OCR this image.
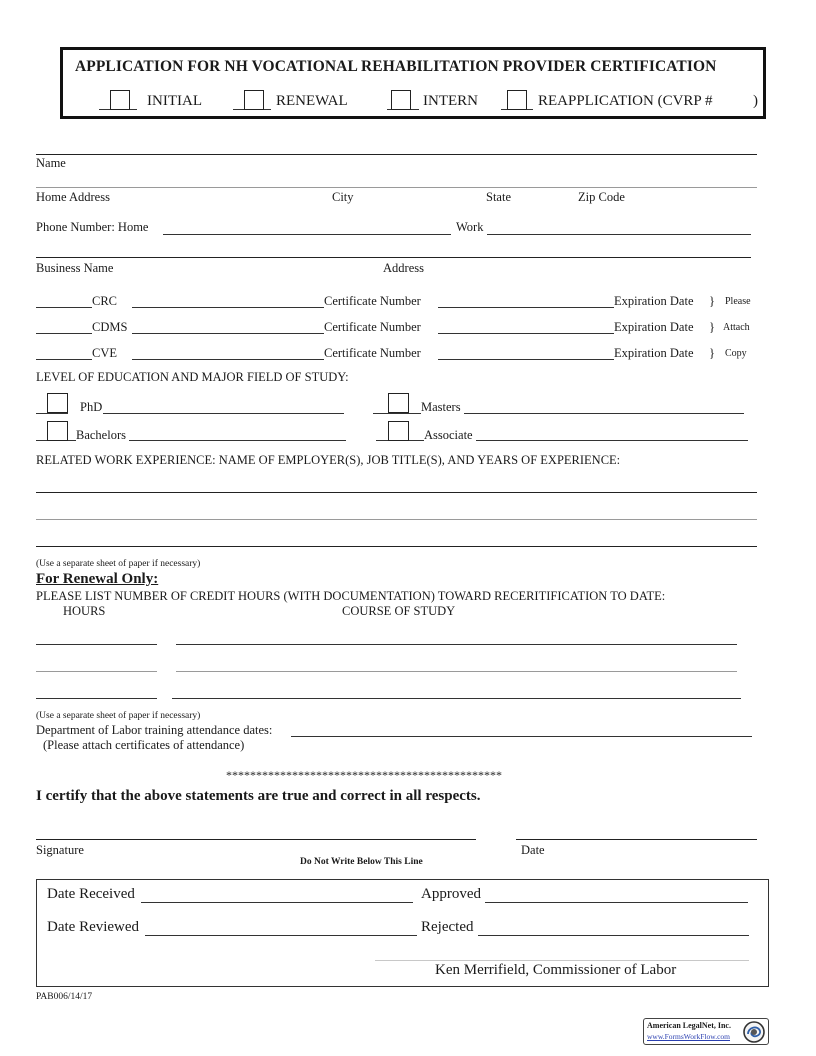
APPLICATION FOR NH VOCATIONAL REHABILITATION PROVIDER CERTIFICATION
INITIAL	RENEWAL	INTERN	REAPPLICATION (CVRP #	)
Name
Home Address	City	State	Zip Code
Phone Number: Home	Work
Business Name	Address
CRC	Certificate Number	Expiration Date } Please
CDMS	Certificate Number	Expiration Date } Attach
CVE	Certificate Number	Expiration Date } Copy
LEVEL OF EDUCATION AND MAJOR FIELD OF STUDY:
PhD	Masters
Bachelors	Associate
RELATED WORK EXPERIENCE: NAME OF EMPLOYER(S), JOB TITLE(S), AND YEARS OF EXPERIENCE:
(Use a separate sheet of paper if necessary)
For Renewal Only:
PLEASE LIST NUMBER OF CREDIT HOURS (WITH DOCUMENTATION) TOWARD RECERITIFICATION TO DATE:
HOURS	COURSE OF STUDY
(Use a separate sheet of paper if necessary)
Department of Labor training attendance dates:
(Please attach certificates of attendance)
**********************************************
I certify that the above statements are true and correct in all respects.
Signature	Date
Do Not Write Below This Line
Date Received	Approved
Date Reviewed	Rejected
Ken Merrifield, Commissioner of Labor
PAB006/14/17
American LegalNet, Inc.
www.FormsWorkFlow.com
